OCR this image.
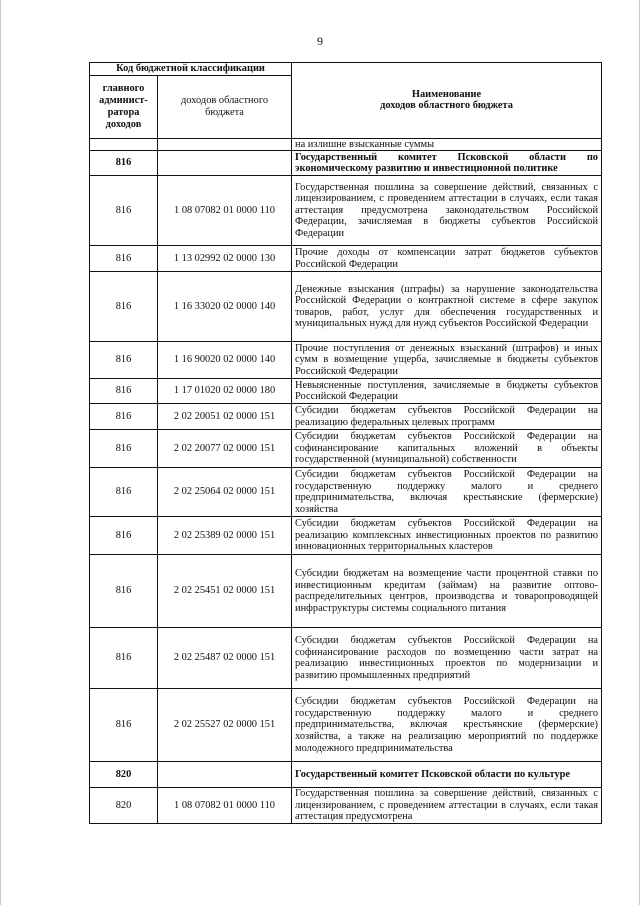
9
Код бюджетной классификации		Наименование
доходов областного бюджета
главного админист-ратора доходов	доходов областного бюджета	
		на излишне взысканные суммы
816		Государственный комитет Псковской области по экономическому развитию и инвестиционной политике
816	1 08 07082 01 0000 110	Государственная пошлина за совершение действий, связанных с лицензированием, с проведением аттестации в случаях, если такая аттестация предусмотрена законодательством Российской Федерации, зачисляемая в бюджеты субъектов Российской Федерации
816	1 13 02992 02 0000 130	Прочие доходы от компенсации затрат бюджетов субъектов Российской Федерации
816	1 16 33020 02 0000 140	Денежные взыскания (штрафы) за нарушение законодательства Российской Федерации о контрактной системе в сфере закупок товаров, работ, услуг для обеспечения государственных и муниципальных нужд для нужд субъектов Российской Федерации
816	1 16 90020 02 0000 140	Прочие поступления от денежных взысканий (штрафов) и иных сумм в возмещение ущерба, зачисляемые в бюджеты субъектов Российской Федерации
816	1 17 01020 02 0000 180	Невыясненные поступления, зачисляемые в бюджеты субъектов Российской Федерации
816	2 02 20051 02 0000 151	Субсидии бюджетам субъектов Российской Федерации на реализацию федеральных целевых программ
816	2 02 20077 02 0000 151	Субсидии бюджетам субъектов Российской Федерации на софинансирование капитальных вложений в объекты государственной (муниципальной) собственности
816	2 02 25064 02 0000 151	Субсидии бюджетам субъектов Российской Федерации на государственную поддержку малого и среднего предпринимательства, включая крестьянские (фермерские) хозяйства
816	2 02 25389 02 0000 151	Субсидии бюджетам субъектов Российской Федерации на реализацию комплексных инвестиционных проектов по развитию инновационных территориальных кластеров
816	2 02 25451 02 0000 151	Субсидии бюджетам на возмещение части процентной ставки по инвестиционным кредитам (займам) на развитие оптово-распределительных центров, производства и товаропроводящей инфраструктуры системы социального питания
816	2 02 25487 02 0000 151	Субсидии бюджетам субъектов Российской Федерации на софинансирование расходов по возмещению части затрат на реализацию инвестиционных проектов по модернизации и развитию промышленных предприятий
816	2 02 25527 02 0000 151	Субсидии бюджетам субъектов Российской Федерации на государственную поддержку малого и среднего предпринимательства, включая крестьянские (фермерские) хозяйства, а также на реализацию мероприятий по поддержке молодежного предпринимательства
820		Государственный комитет Псковской области по культуре
820	1 08 07082 01 0000 110	Государственная пошлина за совершение действий, связанных с лицензированием, с проведением аттестации в случаях, если такая аттестация предусмотрена
